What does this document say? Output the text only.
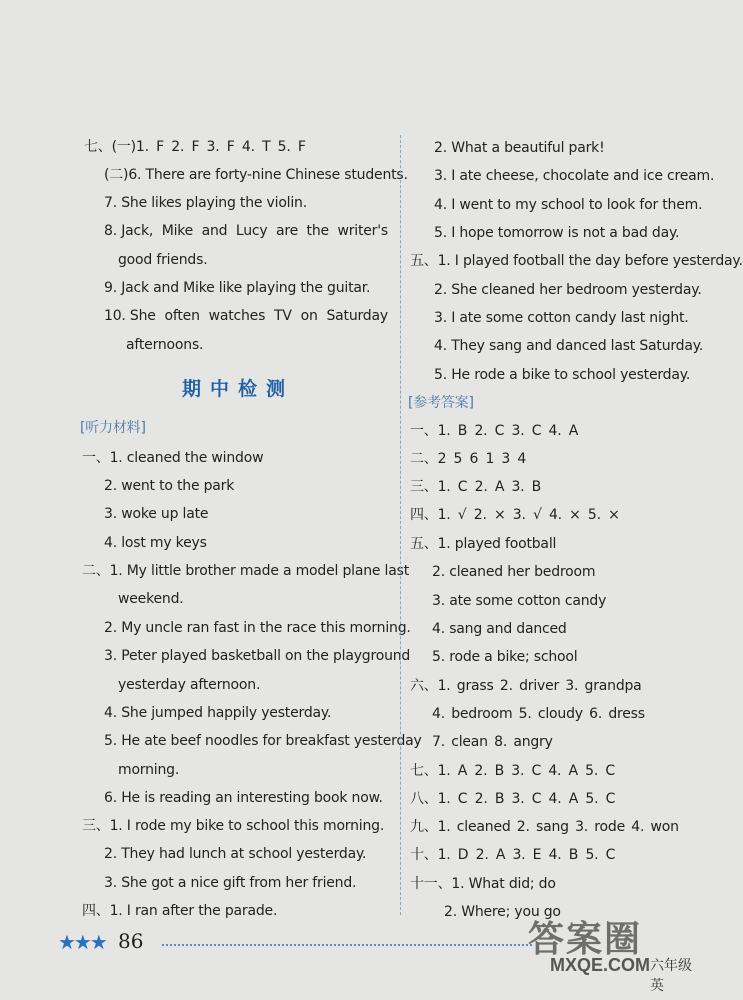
七、(一)1. F 2. F 3. F 4. T 5. F
(二)6. There are forty-nine Chinese students.
7. She likes playing the violin.
8. Jack, Mike and Lucy are the writer's
good friends.
9. Jack and Mike like playing the guitar.
10. She often watches TV on Saturday
afternoons.
期中检测
[听力材料]
一、1. cleaned the window
2. went to the park
3. woke up late
4. lost my keys
二、1. My little brother made a model plane last
weekend.
2. My uncle ran fast in the race this morning.
3. Peter played basketball on the playground
yesterday afternoon.
4. She jumped happily yesterday.
5. He ate beef noodles for breakfast yesterday
morning.
6. He is reading an interesting book now.
三、1. I rode my bike to school this morning.
2. They had lunch at school yesterday.
3. She got a nice gift from her friend.
四、1. I ran after the parade.
2. What a beautiful park!
3. I ate cheese, chocolate and ice cream.
4. I went to my school to look for them.
5. I hope tomorrow is not a bad day.
五、1. I played football the day before yesterday.
2. She cleaned her bedroom yesterday.
3. I ate some cotton candy last night.
4. They sang and danced last Saturday.
5. He rode a bike to school yesterday.
[参考答案]
一、1. B 2. C 3. C 4. A
二、2 5 6 1 3 4
三、1. C 2. A 3. B
四、1. √ 2. × 3. √ 4. × 5. ×
五、1. played football
2. cleaned her bedroom
3. ate some cotton candy
4. sang and danced
5. rode a bike; school
六、1. grass 2. driver 3. grandpa
4. bedroom 5. cloudy 6. dress
7. clean 8. angry
七、1. A 2. B 3. C 4. A 5. C
八、1. C 2. B 3. C 4. A 5. C
九、1. cleaned 2. sang 3. rode 4. won
十、1. D 2. A 3. E 4. B 5. C
十一、1. What did; do
2. Where; you go
★★★ 86	答案圈
MXQE.COM 六年级英
